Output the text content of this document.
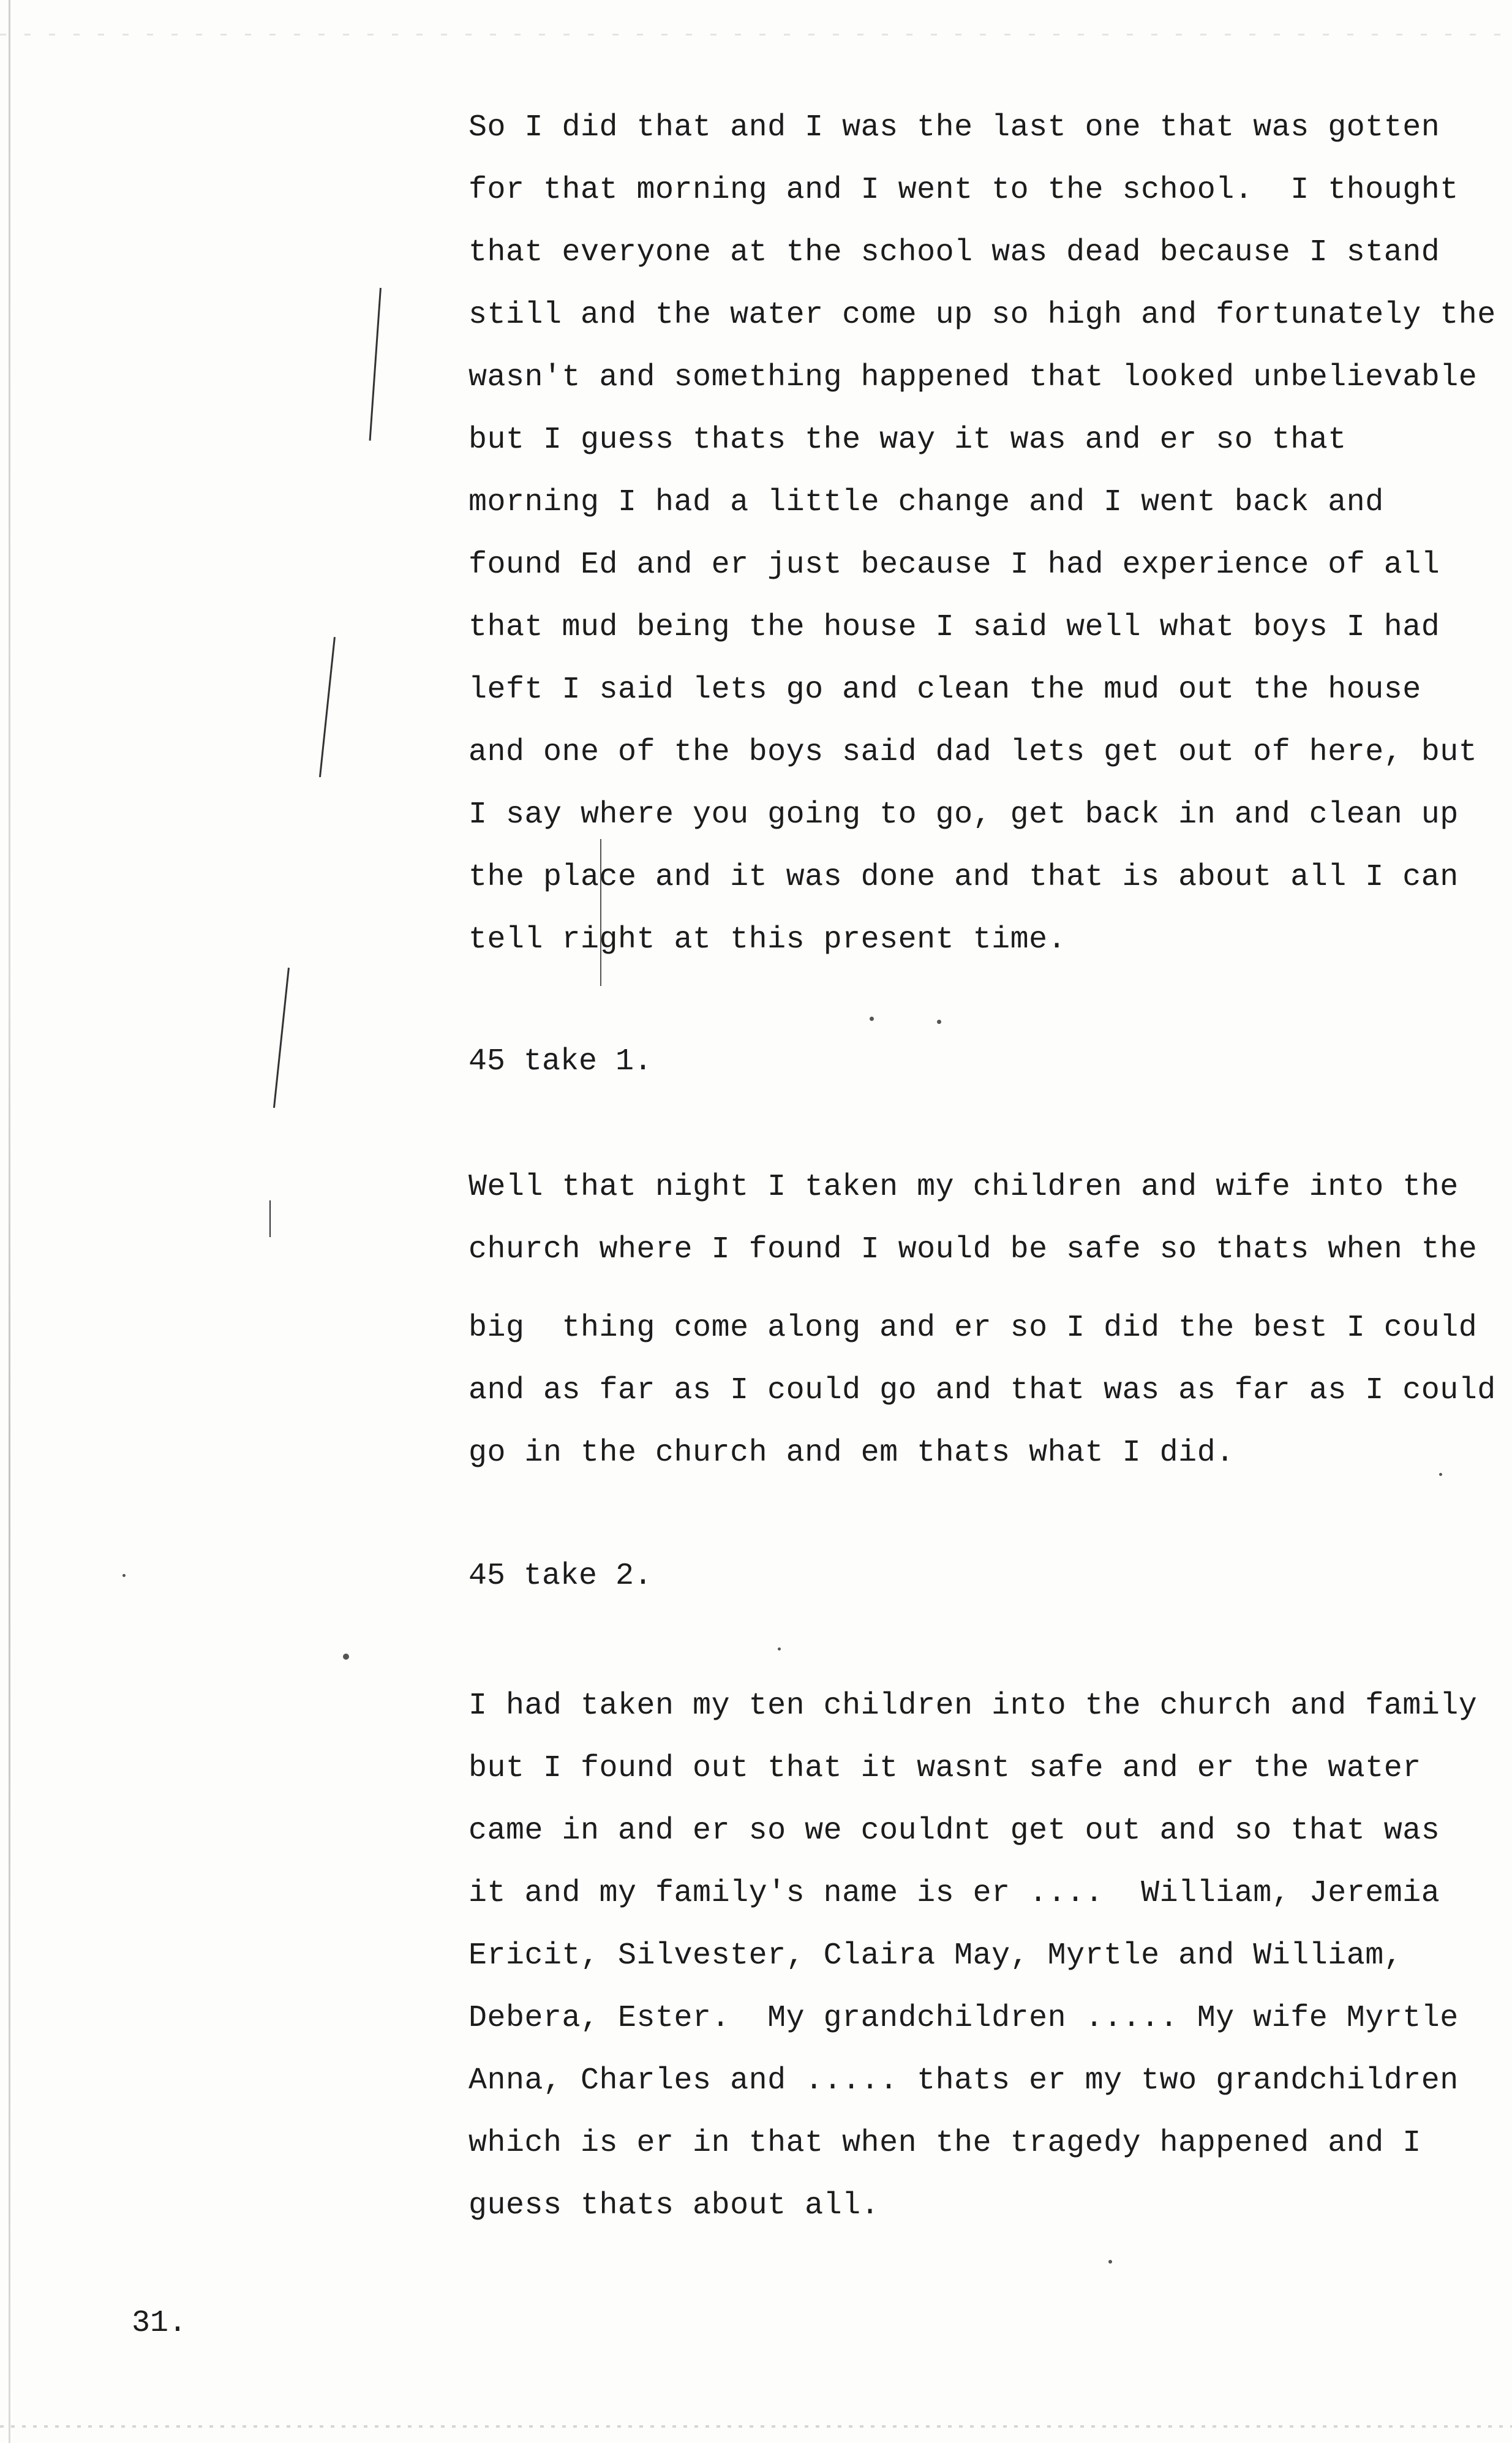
So I did that and I was the last one that was gotten
for that morning and I went to the school.  I thought
that everyone at the school was dead because I stand
still and the water come up so high and fortunately the
wasn't and something happened that looked unbelievable
but I guess thats the way it was and er so that
morning I had a little change and I went back and
found Ed and er just because I had experience of all
that mud being the house I said well what boys I had
left I said lets go and clean the mud out the house
and one of the boys said dad lets get out of here, but
I say where you going to go, get back in and clean up
the place and it was done and that is about all I can
tell right at this present time.
45 take 1.
Well that night I taken my children and wife into the
church where I found I would be safe so thats when the
big  thing come along and er so I did the best I could
and as far as I could go and that was as far as I could
go in the church and em thats what I did.
45 take 2.
I had taken my ten children into the church and family
but I found out that it wasnt safe and er the water
came in and er so we couldnt get out and so that was
it and my family's name is er ....  William, Jeremia
Ericit, Silvester, Claira May, Myrtle and William,
Debera, Ester.  My grandchildren ..... My wife Myrtle
Anna, Charles and ..... thats er my two grandchildren
which is er in that when the tragedy happened and I
guess thats about all.
31.
